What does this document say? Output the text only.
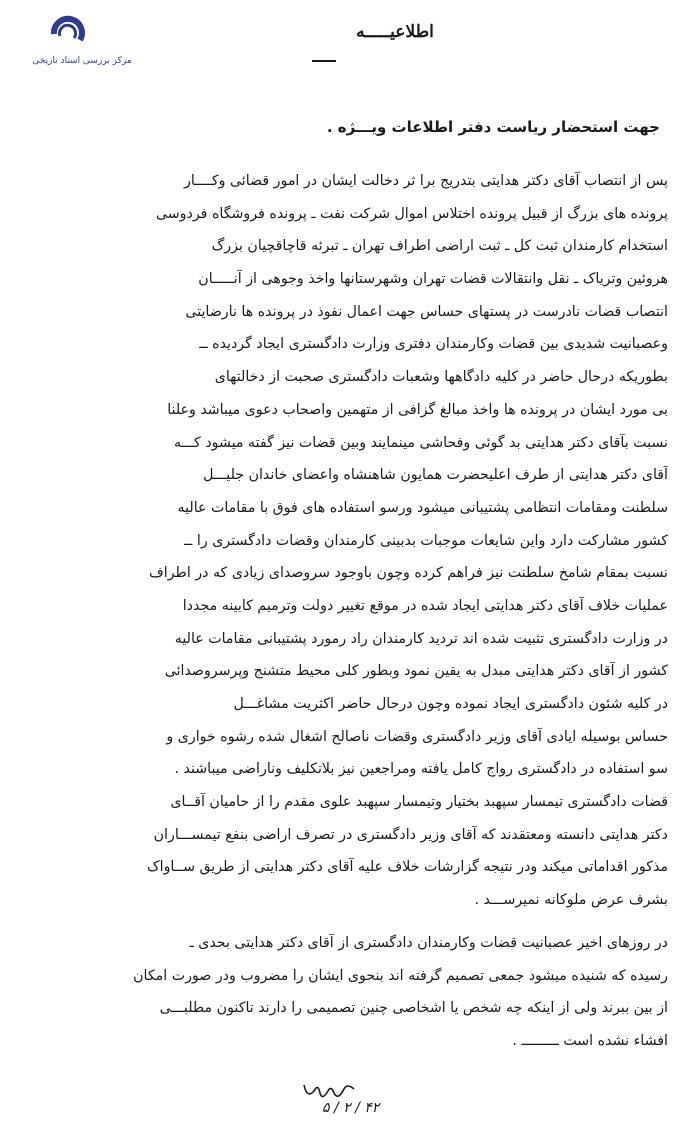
مرکز بررسی اسناد تاریخی
اطلاعیـــــه
جهت استحضار ریاست دفتر اطلاعات ویـــژه .
پس از انتصاب آقای دکتر هدایتی بتدریج برا ثر دخالت ایشان در امور قضائی وکــــار
پرونده های بزرگ از قبیل پرونده اختلاس اموال شرکت نفت ـ پرونده فروشگاه فردوسی
استخدام کارمندان ثبت کل ـ ثبت اراضی اطراف تهران ـ تبرئه قاچاقچیان بزرگ
هروئین وتریاک ـ نقل وانتقالات قضات تهران وشهرستانها واخذ وجوهی از آنـــــان
انتصاب قضات نادرست در پستهای حساس جهت اعمال نفوذ در پرونده ها نارضایتی
وعصبانیت شدیدی بین قضات وکارمندان دفتری وزارت دادگستری ایجاد گردیده ــ
بطوریکه درحال حاضر در کلیه دادگاهها وشعبات دادگستری صحبت از دخالتهای
بی مورد ایشان در پرونده ها واخذ مبالغ گزافی از متهمین واصحاب دعوی میباشد وعلنا
نسبت بآقای دکتر هدایتی بد گوئی وفحاشی مینمایند وبین قضات نیز گفته میشود کـــه
آقای دکتر هدایتی از طرف اعلیحضرت همایون شاهنشاه واعضای خاندان جلیـــل
سلطنت ومقامات انتظامی پشتیبانی میشود ورسو استفاده های فوق با مقامات عالیه
کشور مشارکت دارد واین شایعات موجبات بدبینی کارمندان وقضات دادگستری را ــ
نسبت بمقام شامخ سلطنت نیز فراهم کرده وچون باوجود سروصدای زیادی که در اطراف
عملیات خلاف آقای دکتر هدایتی ایجاد شده در موقع تغییر دولت وترمیم کابینه مجددا
در وزارت دادگستری تثبیت شده اند تردید کارمندان راد رمورد پشتیبانی مقامات عالیه
کشور از آقای دکتر هدایتی مبدل به یقین نمود وبطور کلی محیط متشنج وپرسروصدائی
در کلیه شئون دادگستری ایجاد نموده وچون درحال حاضر اکثریت مشاغـــل
حساس بوسیله ایادی آقای وزیر دادگستری وقضات ناصالح اشغال شده رشوه خواری و
سو استفاده در دادگستری رواج کامل یافته ومراجعین نیز بلاتکلیف وناراضی میباشند .
قضات دادگستری تیمسار سپهبد بختیار وتیمسار سپهبد علوی مقدم را از حامیان آقــای
دکتر هدایتی دانسته ومعتقدند که آقای وزیر دادگستری در تصرف اراضی بنفع تیمســـاران
مذکور اقداماتی میکند ودر نتیجه گزارشات خلاف علیه آقای دکتر هدایتی از طریق ســاواک
بشرف عرض ملوکانه نمیرســـد .
در روزهای اخیر عصبانیت قضات وکارمندان دادگستری از آقای دکتر هدایتی بحدی ـ
رسیده که شنیده میشود جمعی تصمیم گرفته اند بنحوی ایشان را مضروب ودر صورت امکان
از بین ببرند ولی از اینکه چه شخص یا اشخاصی چنین تصمیمی را دارند تاکنون مطلبـــی
افشاء نشده است ـــــــــ .
۵ / ۲ / ۴۲
